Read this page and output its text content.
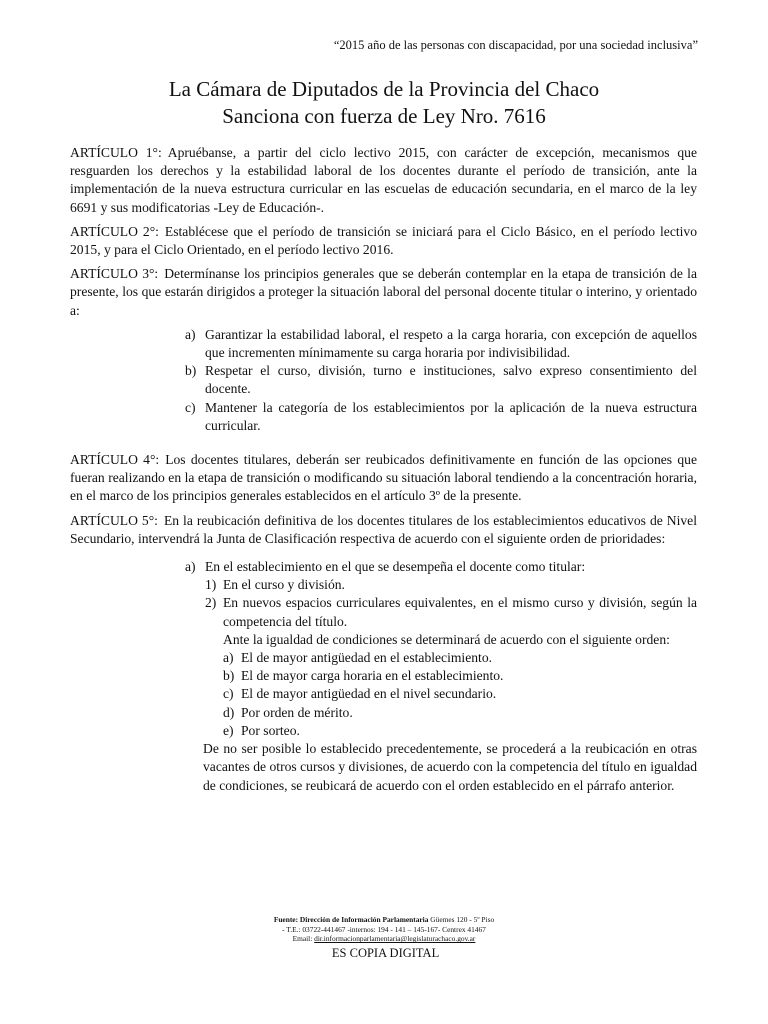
“2015 año de las personas con discapacidad, por una sociedad inclusiva”
La Cámara de Diputados de la Provincia del Chaco
Sanciona con fuerza de Ley Nro. 7616

ARTÍCULO 1°: Apruébanse, a partir del ciclo lectivo 2015, con carácter de excepción, mecanismos que resguarden los derechos y la estabilidad laboral de los docentes durante el período de transición, ante la implementación de la nueva estructura curricular en las escuelas de educación secundaria, en el marco de la ley 6691 y sus modificatorias -Ley de Educación-.

ARTÍCULO 2°: Establécese que el período de transición se iniciará para el Ciclo Básico, en el período lectivo 2015, y para el Ciclo Orientado, en el período lectivo 2016.

ARTÍCULO 3°: Determínanse los principios generales que se deberán contemplar en la etapa de transición de la presente, los que estarán dirigidos a proteger la situación laboral del personal docente titular o interino, y orientado a:

a) Garantizar la estabilidad laboral, el respeto a la carga horaria, con excepción de aquellos que incrementen mínimamente su carga horaria por indivisibilidad.
b) Respetar el curso, división, turno e instituciones, salvo expreso consentimiento del docente.
c) Mantener la categoría de los establecimientos por la aplicación de la nueva estructura curricular.

ARTÍCULO 4°: Los docentes titulares, deberán ser reubicados definitivamente en función de las opciones que fueran realizando en la etapa de transición o modificando su situación laboral tendiendo a la concentración horaria, en el marco de los principios generales establecidos en el artículo 3º de la presente.

ARTÍCULO 5°: En la reubicación definitiva de los docentes titulares de los establecimientos educativos de Nivel Secundario, intervendrá la Junta de Clasificación respectiva de acuerdo con el siguiente orden de prioridades:

a) En el establecimiento en el que se desempeña el docente como titular:
1) En el curso y división.
2) En nuevos espacios curriculares equivalentes, en el mismo curso y división, según la competencia del título.
Ante la igualdad de condiciones se determinará de acuerdo con el siguiente orden:
a) El de mayor antigüedad en el establecimiento.
b) El de mayor carga horaria en el establecimiento.
c) El de mayor antigüedad en el nivel secundario.
d) Por orden de mérito.
e) Por sorteo.
De no ser posible lo establecido precedentemente, se procederá a la reubicación en otras vacantes de otros cursos y divisiones, de acuerdo con la competencia del título en igualdad de condiciones, se reubicará de acuerdo con el orden establecido en el párrafo anterior.
Fuente: Dirección de Información Parlamentaria Güemes 120 - 5º Piso
- T.E.: 03722-441467 -internos: 194 - 141 – 145-167- Centrex 41467
Email: dir.informacionparlamentaria@legislaturachaco.gov.ar
ES COPIA DIGITAL
